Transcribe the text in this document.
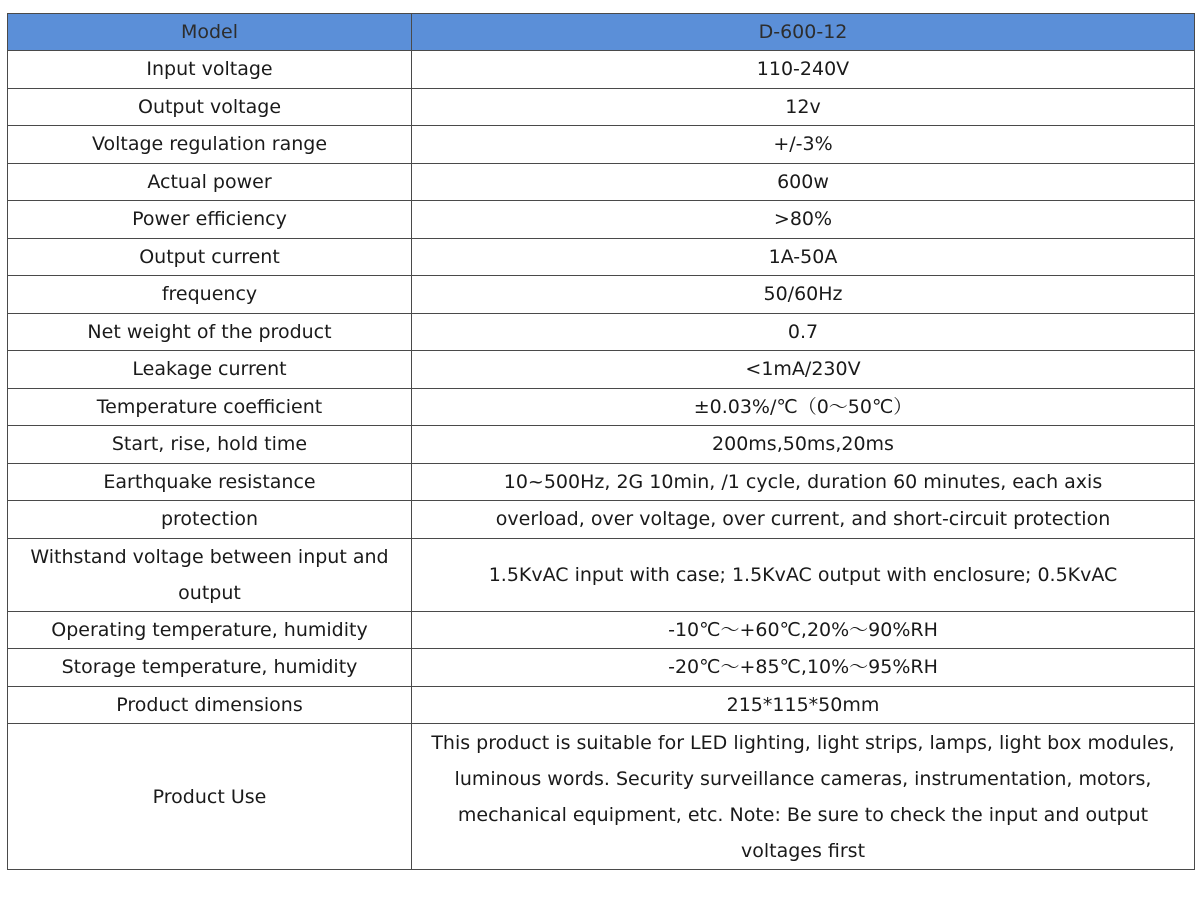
Model	D-600-12
Input voltage	110-240V
Output voltage	12v
Voltage regulation range	+/-3%
Actual power	600w
Power efficiency	>80%
Output current	1A-50A
frequency	50/60Hz
Net weight of the product	0.7
Leakage current	<1mA/230V
Temperature coefficient	±0.03%/℃（0～50℃）
Start, rise, hold time	200ms,50ms,20ms
Earthquake resistance	10~500Hz, 2G 10min, /1 cycle, duration 60 minutes, each axis
protection	overload, over voltage, over current, and short-circuit protection
Withstand voltage between input and output	1.5KvAC input with case; 1.5KvAC output with enclosure; 0.5KvAC
Operating temperature, humidity	-10℃～+60℃,20%～90%RH
Storage temperature, humidity	-20℃～+85℃,10%～95%RH
Product dimensions	215*115*50mm
Product Use	This product is suitable for LED lighting, light strips, lamps, light box modules, luminous words. Security surveillance cameras, instrumentation, motors, mechanical equipment, etc. Note: Be sure to check the input and output voltages first
